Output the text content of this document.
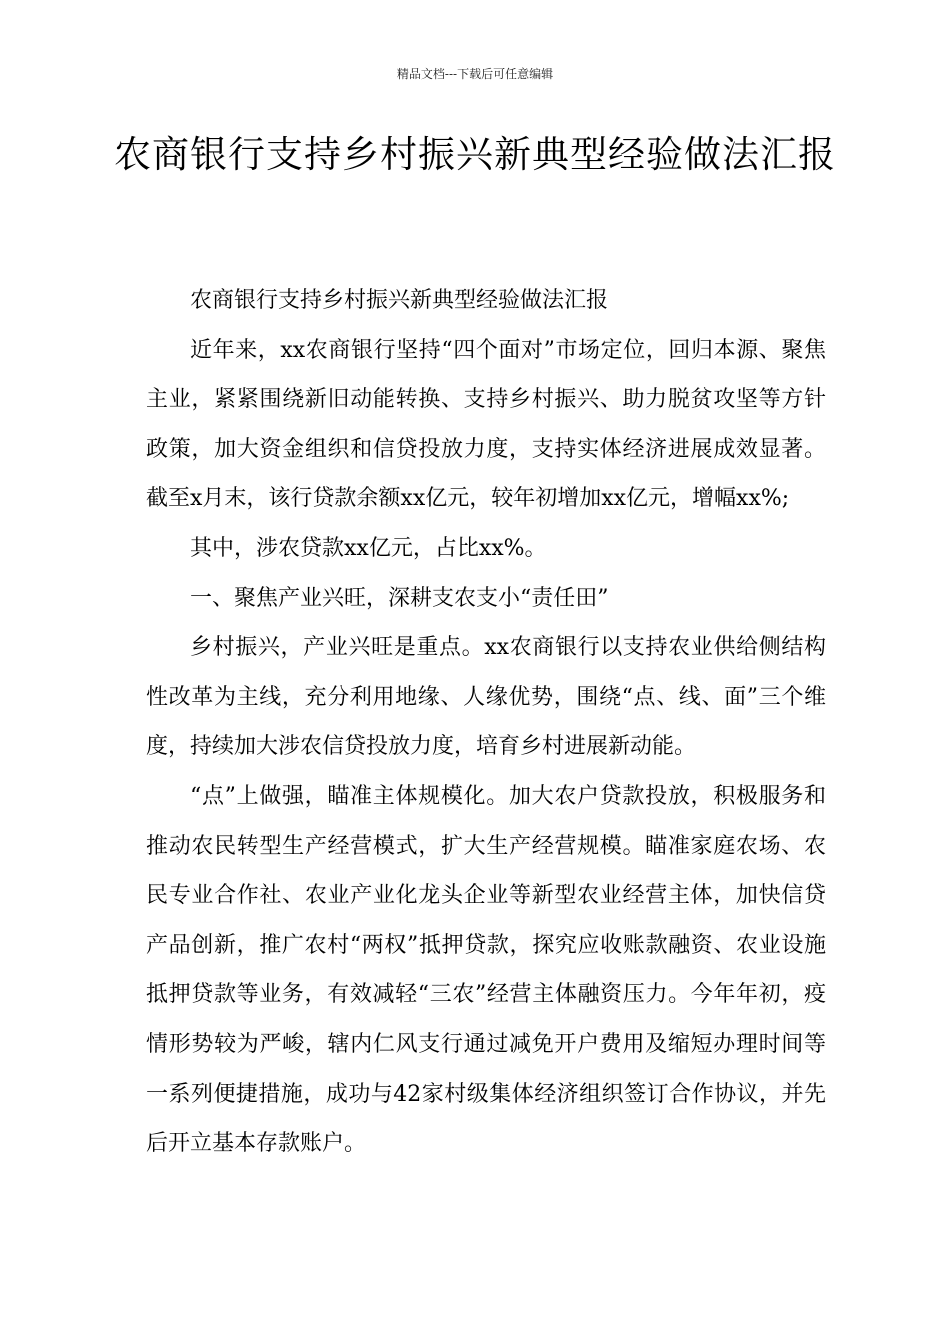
精品文档---下载后可任意编辑
农商银行支持乡村振兴新典型经验做法汇报

农商银行支持乡村振兴新典型经验做法汇报

近年来，xx农商银行坚持“四个面对”市场定位，回归本源、聚焦主业，紧紧围绕新旧动能转换、支持乡村振兴、助力脱贫攻坚等方针政策，加大资金组织和信贷投放力度，支持实体经济进展成效显著。截至x月末，该行贷款余额xx亿元，较年初增加xx亿元，增幅xx%;

其中，涉农贷款xx亿元，占比xx%。

一、聚焦产业兴旺，深耕支农支小“责任田”

乡村振兴，产业兴旺是重点。xx农商银行以支持农业供给侧结构性改革为主线，充分利用地缘、人缘优势，围绕“点、线、面”三个维度，持续加大涉农信贷投放力度，培育乡村进展新动能。

“点”上做强，瞄准主体规模化。加大农户贷款投放，积极服务和推动农民转型生产经营模式，扩大生产经营规模。瞄准家庭农场、农民专业合作社、农业产业化龙头企业等新型农业经营主体，加快信贷产品创新，推广农村“两权”抵押贷款，探究应收账款融资、农业设施抵押贷款等业务，有效减轻“三农”经营主体融资压力。今年年初，疫情形势较为严峻，辖内仁风支行通过减免开户费用及缩短办理时间等一系列便捷措施，成功与42家村级集体经济组织签订合作协议，并先后开立基本存款账户。
